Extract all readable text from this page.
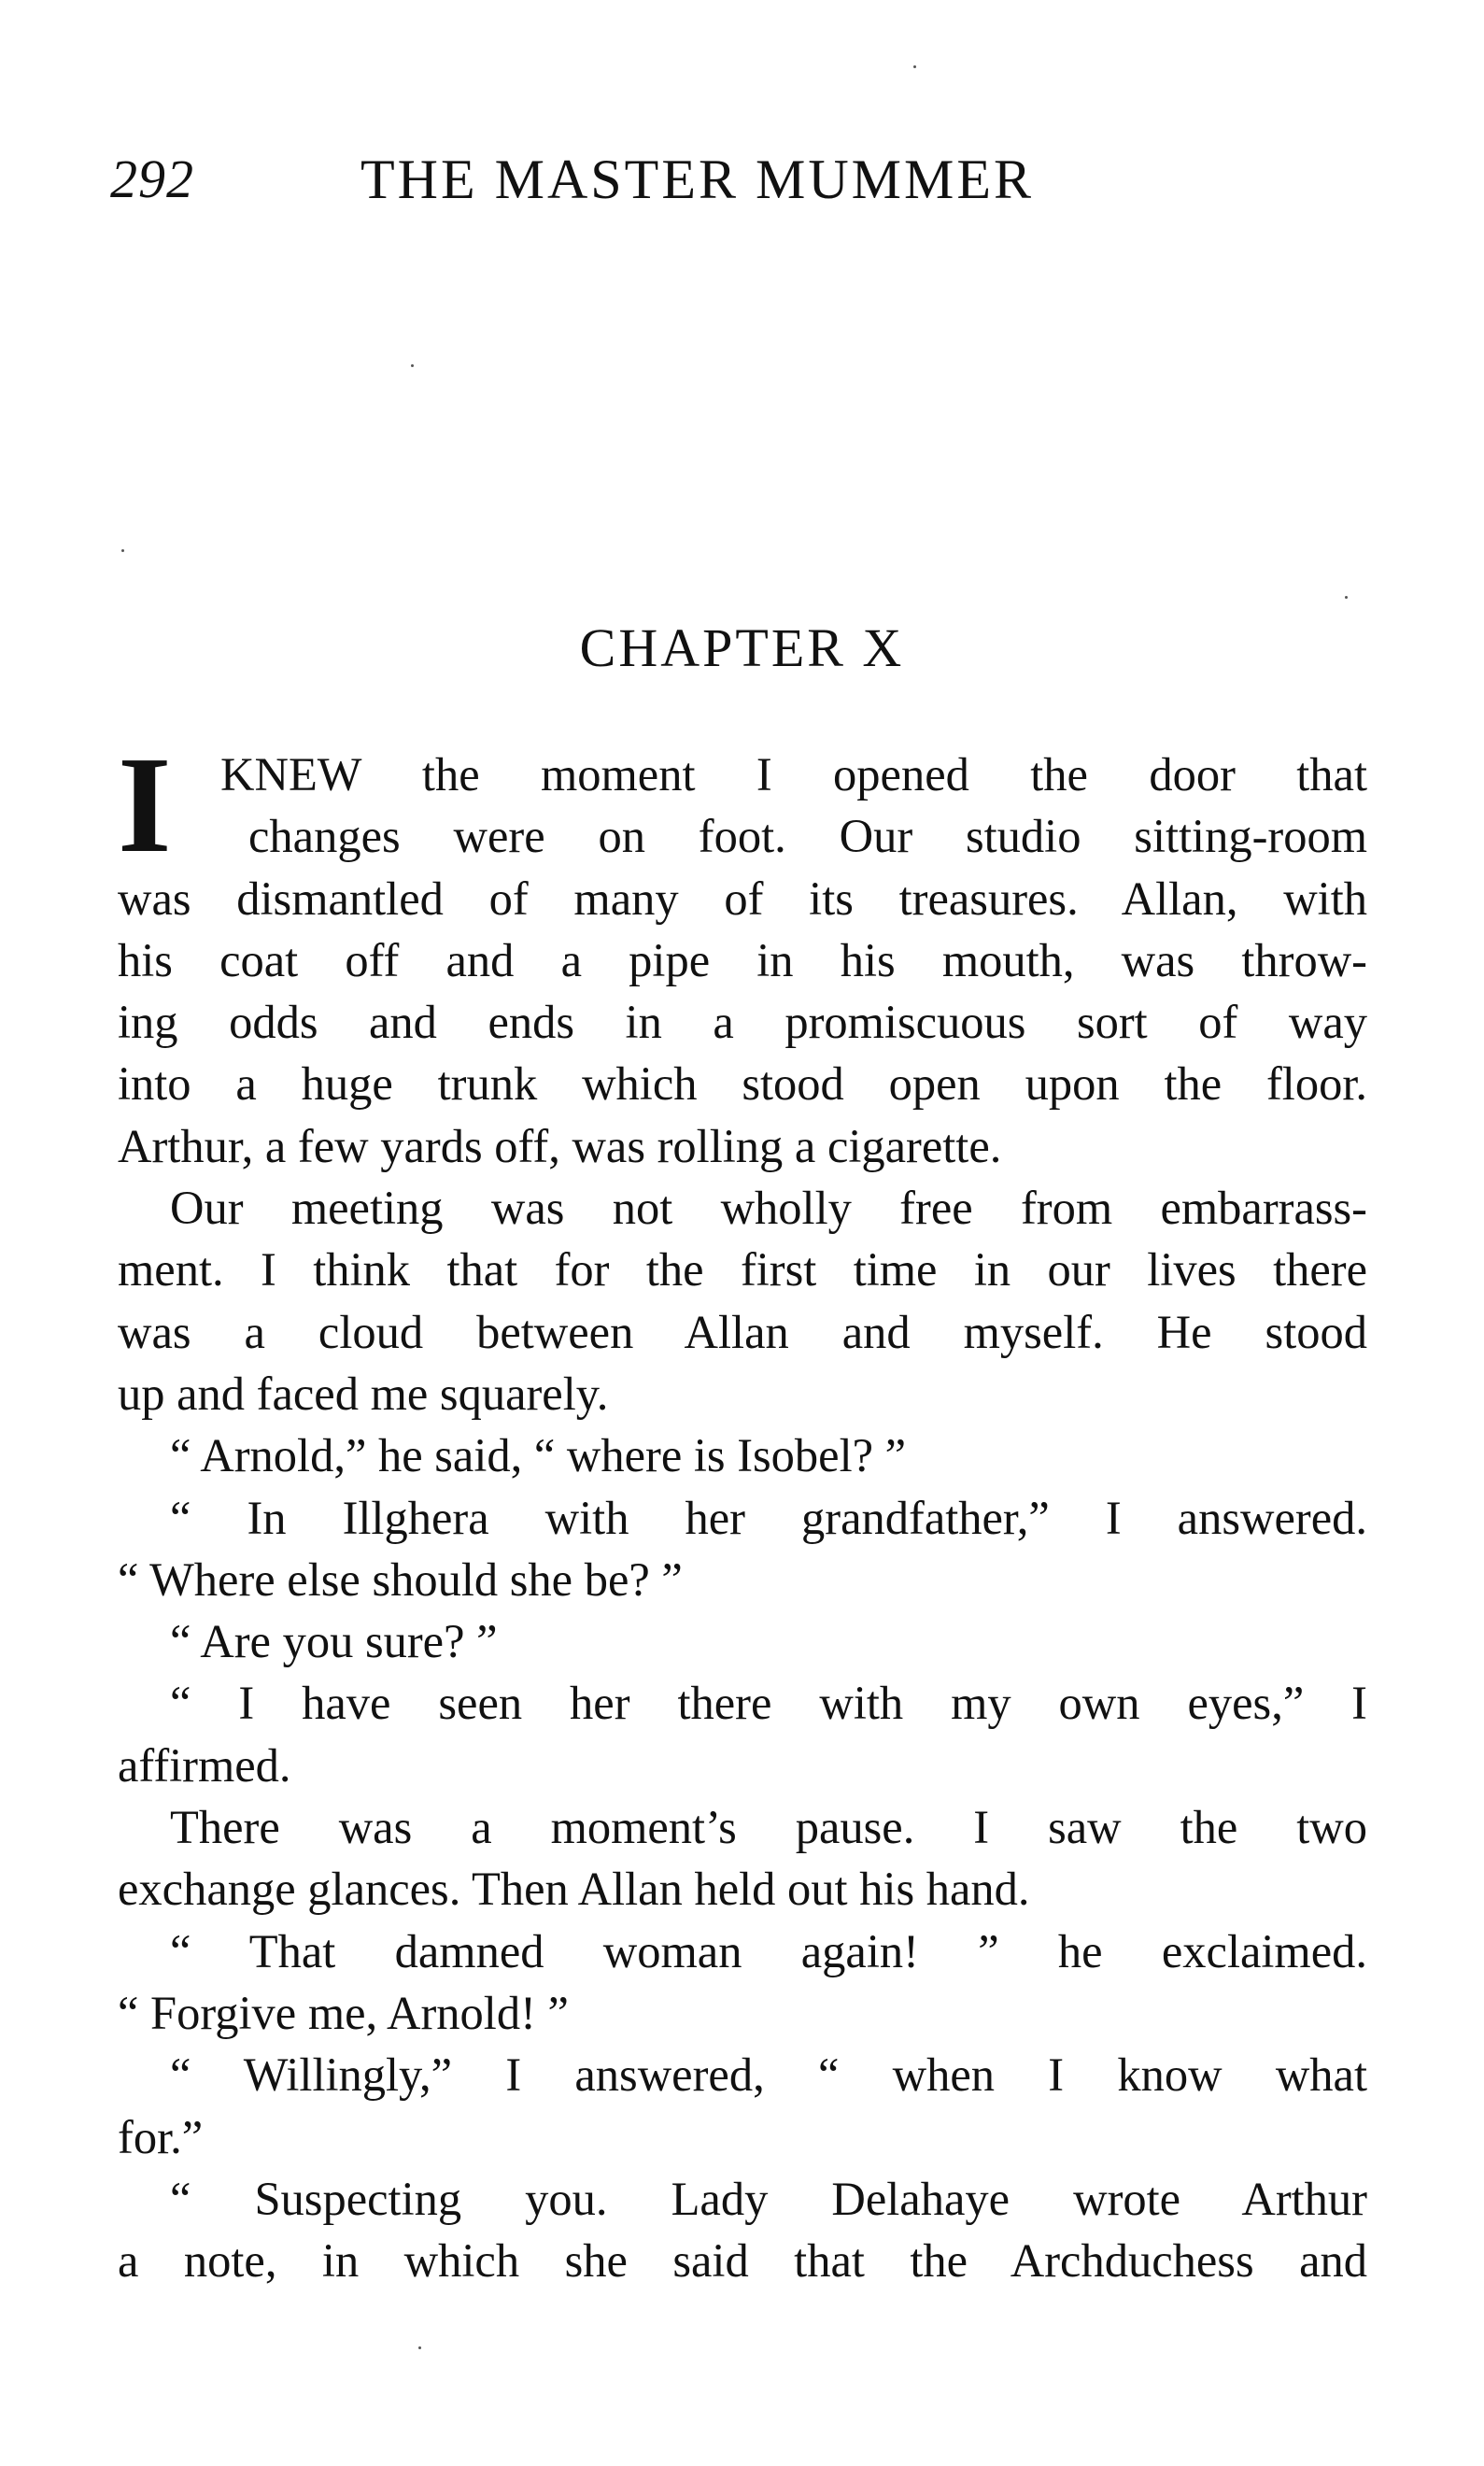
292	THE MASTER MUMMER
CHAPTER X
I	KNEW the moment I opened the door that
changes were on foot. Our studio sitting-room
was dismantled of many of its treasures. Allan, with
his coat off and a pipe in his mouth, was throw-
ing odds and ends in a promiscuous sort of way
into a huge trunk which stood open upon the floor.
Arthur, a few yards off, was rolling a cigarette.
Our meeting was not wholly free from embarrass-
ment. I think that for the first time in our lives there
was a cloud between Allan and myself. He stood
up and faced me squarely.
“ Arnold,” he said, “ where is Isobel? ”
“ In Illghera with her grandfather,” I answered.
“ Where else should she be? ”
“ Are you sure? ”
“ I have seen her there with my own eyes,” I
affirmed.
There was a moment’s pause. I saw the two
exchange glances. Then Allan held out his hand.
“ That damned woman again! ” he exclaimed.
“ Forgive me, Arnold! ”
“ Willingly,” I answered, “ when I know what
for.”
“ Suspecting you. Lady Delahaye wrote Arthur
a note, in which she said that the Archduchess and
